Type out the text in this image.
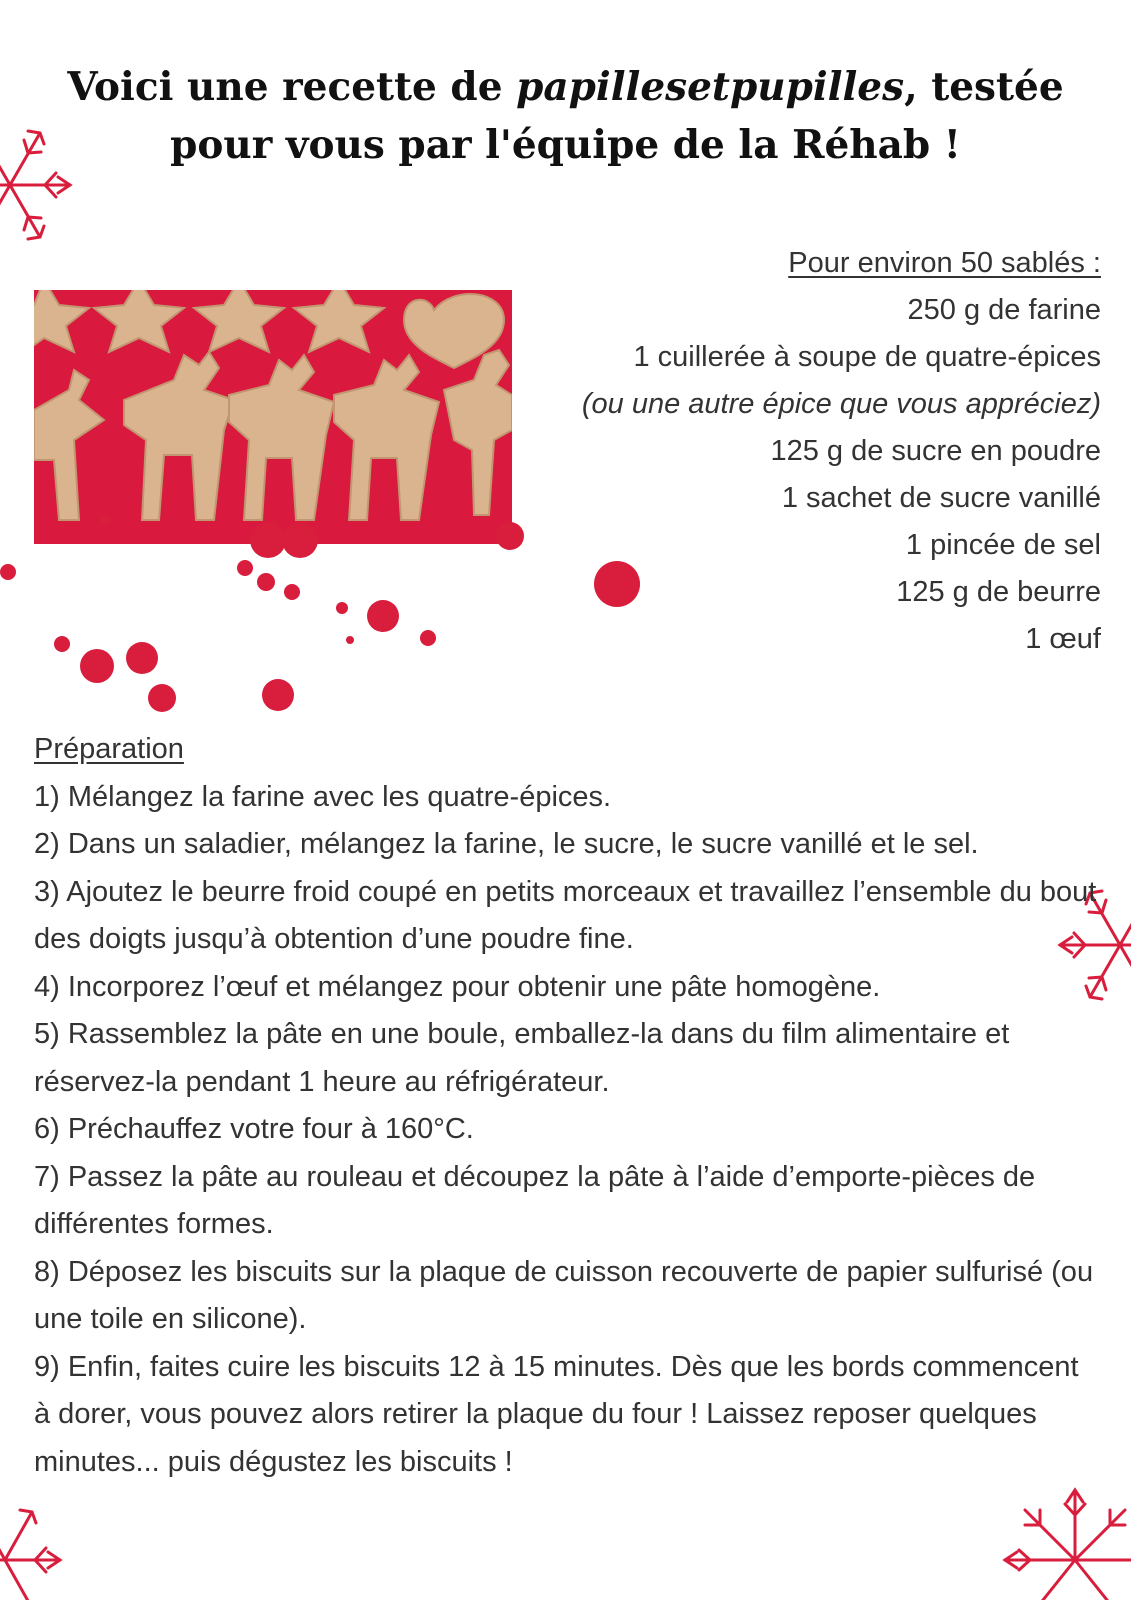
Voici une recette de papillesetpupilles, testée pour vous par l'équipe de la Réhab !
Pour environ 50 sablés :
250 g de farine
1 cuillerée à soupe de quatre-épices
(ou une autre épice que vous appréciez)
125 g de sucre en poudre
1 sachet de sucre vanillé
1 pincée de sel
125 g de beurre
1 œuf
Préparation
1) Mélangez la farine avec les quatre-épices.
2) Dans un saladier, mélangez la farine, le sucre, le sucre vanillé et le sel.
3) Ajoutez le beurre froid coupé en petits morceaux et travaillez l’ensemble du bout des doigts jusqu’à obtention d’une poudre fine.
4) Incorporez l’œuf et mélangez pour obtenir une pâte homogène.
5) Rassemblez la pâte en une boule, emballez-la dans du film alimentaire et réservez-la pendant 1 heure au réfrigérateur.
6) Préchauffez votre four à 160°C.
7) Passez la pâte au rouleau et découpez la pâte à l’aide d’emporte-pièces de différentes formes.
8) Déposez les biscuits sur la plaque de cuisson recouverte de papier sulfurisé (ou une toile en silicone).
9) Enfin, faites cuire les biscuits 12 à 15 minutes. Dès que les bords commencent à dorer, vous pouvez alors retirer la plaque du four ! Laissez reposer quelques minutes... puis dégustez les biscuits !
